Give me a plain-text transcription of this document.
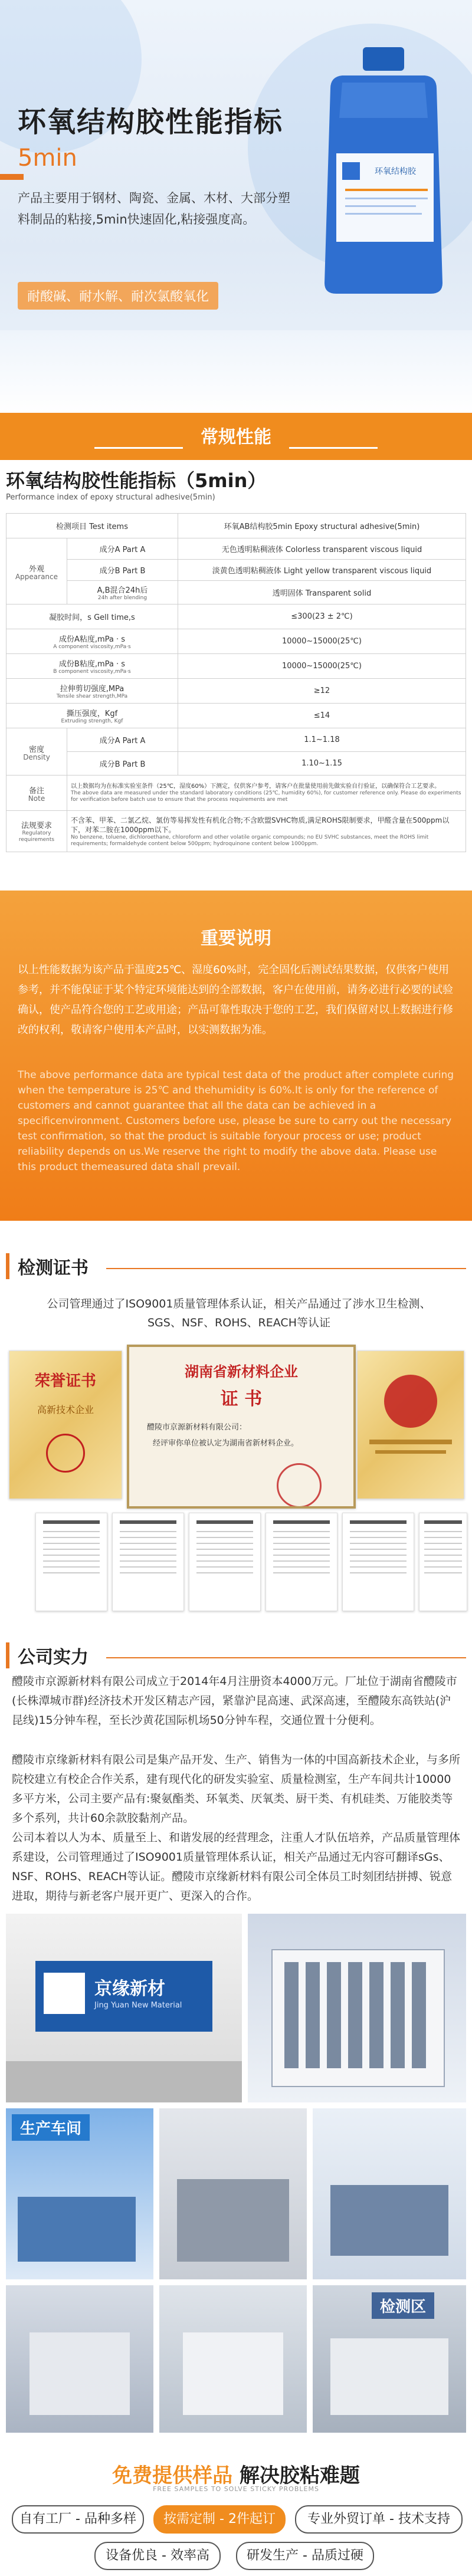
环氧结构胶性能指标
5min
产品主要用于钢材、陶瓷、金属、木材、大部分塑料制品的粘接,5min快速固化,粘接强度高。
耐酸碱、耐水解、耐次氯酸氧化
环氧结构胶
常规性能
环氧结构胶性能指标（5min）
Performance index of epoxy structural adhesive(5min)
检测项目 Test items		环氧AB结构胶5min Epoxy structural adhesive(5min)
外观
Appearance	成分A Part A	无色透明粘稠液体 Colorless transparent viscous liquid
	成分B Part B	淡黄色透明粘稠液体 Light yellow transparent viscous liquid
	A,B混合24h后
24h after blending	透明固体 Transparent solid
凝胶时间，s Gell time,s		≤300(23 ± 2℃)
成份A粘度,mPa · s
A component viscosity,mPa·s		10000~15000(25℃)
成份B粘度,mPa · s
B component viscosity,mPa·s		10000~15000(25℃)
拉伸剪切强度,MPa
Tensile shear strength,MPa		≥12
撕压强度，Kgf
Extruding strength, Kgf		≤14
密度
Density	成分A Part A	1.1~1.18
	成分B Part B	1.10~1.15
备注
Note	以上数据均为在标准实验室条件（25℃，湿度60%）下测定，仅供客户参考，请客户在批量使用前先做实验自行验证，以确保符合工艺要求。
The above data are measured under the standard laboratory conditions (25℃, humidity 60%), for customer reference only. Please do experiments for verification before batch use to ensure that the process requirements are met	

法规要求
Regulatory requirements	不含苯、甲苯、二氯乙烷、氯仿等易挥发性有机化合物;不含欧盟SVHC物质,满足ROHS限制要求，甲醛含量在500ppm以下，对苯二胺在1000ppm以下。
No benzene, toluene, dichloroethane, chloroform and other volatile organic compounds; no EU SVHC substances, meet the ROHS limit requirements; formaldehyde content below 500ppm; hydroquinone content below 1000ppm.	
重要说明
以上性能数据为该产品于温度25℃、湿度60%时，完全固化后测试结果数据，仅供客户使用参考，并不能保证于某个特定环境能达到的全部数据，客户在使用前，请务必进行必要的试验确认，使产品符合您的工艺或用途；产品可靠性取决于您的工艺，我们保留对以上数据进行修改的权利，敬请客户使用本产品时，以实测数据为准。
The above performance data are typical test data of the product after complete curing when the temperature is 25℃ and thehumidity is 60%.It is only for the reference of customers and cannot guarantee that all the data can be achieved in a specificenvironment. Customers before use, please be sure to carry out the necessary test confirmation, so that the product is suitable foryour process or use; product reliability depends on us.We reserve the right to modify the above data. Please use this product themeasured data shall prevail.
检测证书
公司管理通过了ISO9001质量管理体系认证，相关产品通过了涉水卫生检测、SGS、NSF、ROHS、REACH等认证
荣誉证书
高新技术企业
湖南省新材料企业
证 书
醴陵市京源新材料有限公司：
经评审你单位被认定为湖南省新材料企业。
公司实力
醴陵市京源新材料有限公司成立于2014年4月注册资本4000万元。厂址位于湖南省醴陵市(长株潭城市群)经济技术开发区精志产园，紧靠沪昆高速、武深高速，至醴陵东高铁站(沪昆线)15分钟车程，至长沙黄花国际机场50分钟车程，交通位置十分便利。
醴陵市京缘新材料有限公司是集产品开发、生产、销售为一体的中国高新技术企业，与多所院校建立有校企合作关系，建有现代化的研发实验室、质量检测室，生产车间共计10000多平方米，公司主要产品有:聚氨酯类、环氧类、厌氧类、厨干类、有机硅类、万能胶类等多个系列，共计60余款胶黏剂产品。
公司本着以人为本、质量至上、和谐发展的经营理念，注重人才队伍培养，产品质量管理体系建设，公司管理通过了ISO9001质量管理体系认证，相关产品通过无内容可翻译sGs、NSF、ROHS、REACH等认证。醴陵市京缘新材料有限公司全体员工时刻团结拼搏、锐意进取，期待与新老客户展开更广、更深入的合作。
京缘新材
Jing Yuan New Material
生产车间
检测区
免费提供样品 解决胶粘难题
FREE SAMPLES TO SOLVE STICKY PROBLEMS
自有工厂 - 品种多样	按需定制 - 2件起订	专业外贸订单 - 技术支持
设备优良 - 效率高	研发生产 - 品质过硬
